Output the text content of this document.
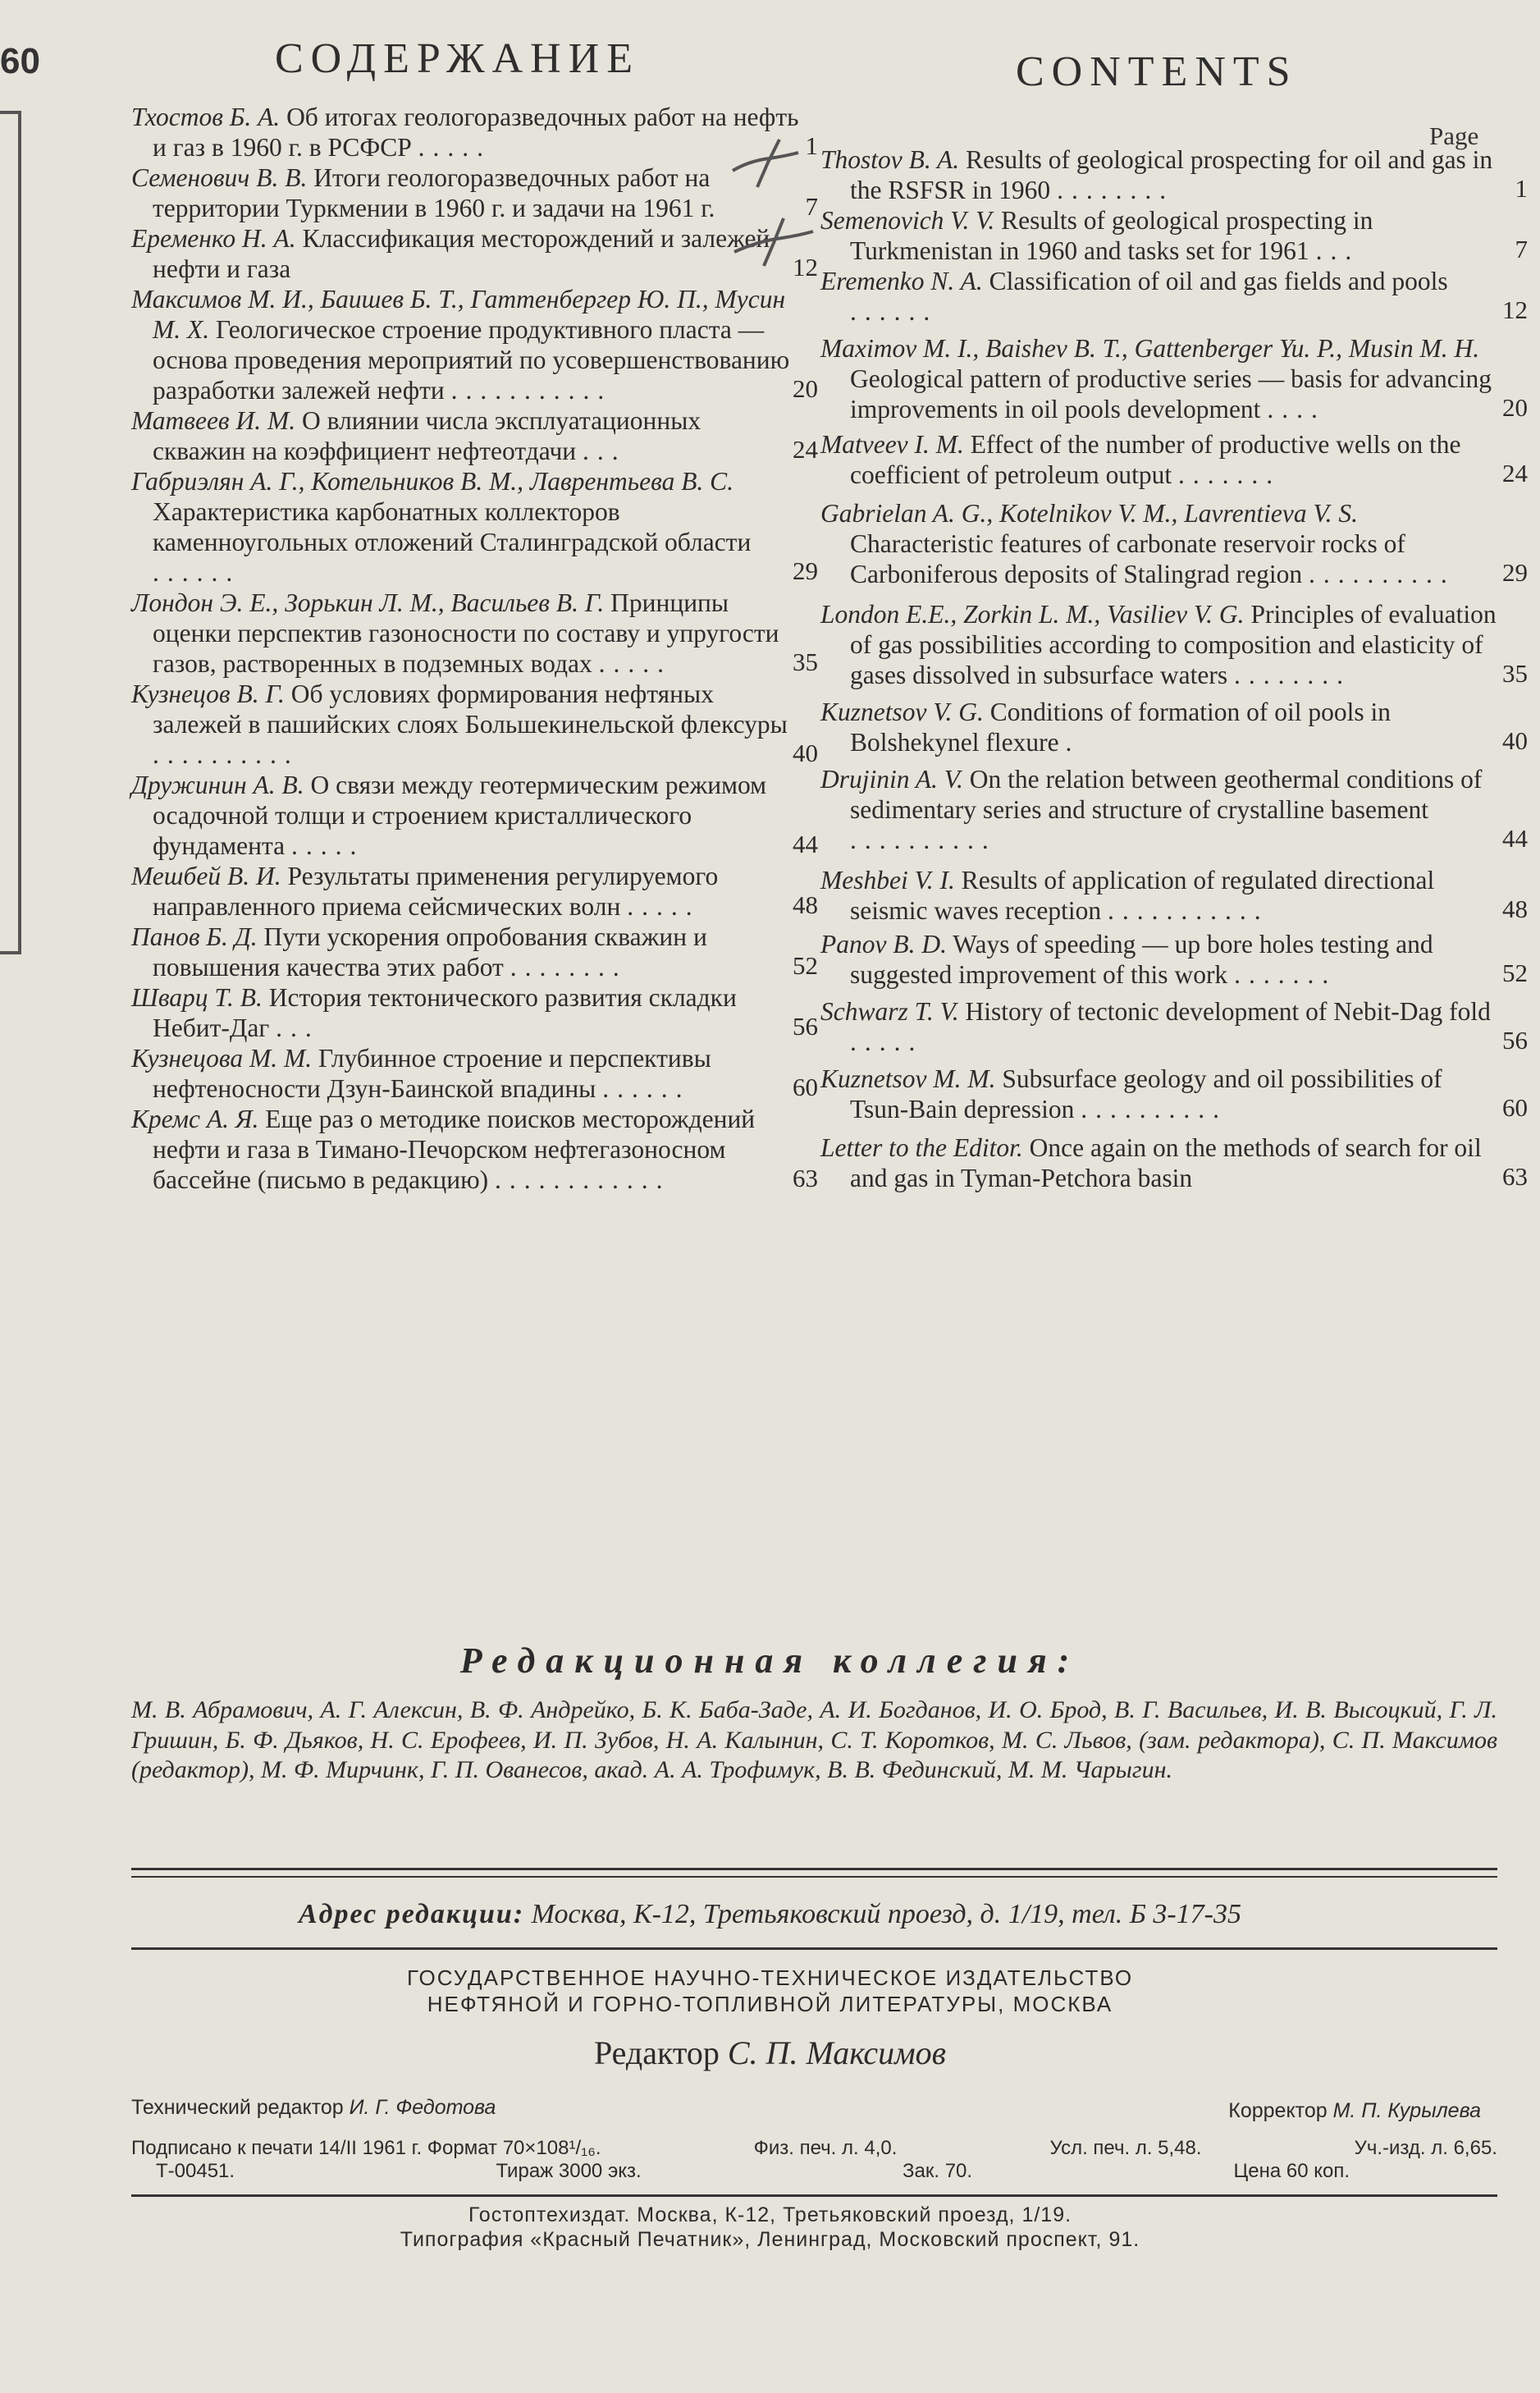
60	СОДЕРЖАНИЕ	CONTENTS
Page
Тхостов Б. А. Об итогах геологоразведочных работ на нефть и газ в 1960 г. в РСФСР .....	1
Семенович В. В. Итоги геологоразведочных работ на территории Туркмении в 1960 г. и задачи на 1961 г.	7
Еременко Н. А. Классификация месторождений и залежей нефти и газа	12
Максимов М. И., Баишев Б. Т., Гаттенбергер Ю. П., Мусин М. Х. Геологическое строение продуктивного пласта — основа проведения мероприятий по усовершенствованию разработки залежей нефти ...........	20
Матвеев И. М. О влиянии числа эксплуатационных скважин на коэффициент нефтеотдачи ...	24
Габриэлян А. Г., Котельников В. М., Лаврентьева В. С. Характеристика карбонатных коллекторов каменноугольных отложений Сталинградской области ......	29
Лондон Э. Е., Зорькин Л. М., Васильев В. Г. Принципы оценки перспектив газоносности по составу и упругости газов, растворенных в подземных водах .....	35
Кузнецов В. Г. Об условиях формирования нефтяных залежей в пашийских слоях Большекинельской флексуры ..........	40
Дружинин А. В. О связи между геотермическим режимом осадочной толщи и строением кристаллического фундамента .....	44
Мешбей В. И. Результаты применения регулируемого направленного приема сейсмических волн .....	48
Панов Б. Д. Пути ускорения опробования скважин и повышения качества этих работ ........	52
Шварц Т. В. История тектонического развития складки Небит-Даг ...	56
Кузнецова М. М. Глубинное строение и перспективы нефтеносности Дзун-Баинской впадины ......	60
Кремс А. Я. Еще раз о методике поисков месторождений нефти и газа в Тимано-Печорском нефтегазоносном бассейне (письмо в редакцию) ............	63
Thostov B. A. Results of geological prospecting for oil and gas in the RSFSR in 1960 ........	1
Semenovich V. V. Results of geological prospecting in Turkmenistan in 1960 and tasks set for 1961 ...	7
Eremenko N. A. Classification of oil and gas fields and pools ......	12
Maximov M. I., Baishev B. T., Gattenberger Yu. P., Musin M. H. Geological pattern of productive series — basis for advancing improvements in oil pools development ....	20
Matveev I. M. Effect of the number of productive wells on the coefficient of petroleum output .......	24
Gabrielan A. G., Kotelnikov V. M., Lavrentieva V. S. Characteristic features of carbonate reservoir rocks of Carboniferous deposits of Stalingrad region ..........	29
London E.E., Zorkin L. M., Vasiliev V. G. Principles of evaluation of gas possibilities according to composition and elasticity of gases dissolved in subsurface waters ........	35
Kuznetsov V. G. Conditions of formation of oil pools in Bolshekynel flexure .	40
Drujinin A. V. On the relation between geothermal conditions of sedimentary series and structure of crystalline basement ..........	44
Meshbei V. I. Results of application of regulated directional seismic waves reception ...........	48
Panov B. D. Ways of speeding — up bore holes testing and suggested improvement of this work .......	52
Schwarz T. V. History of tectonic development of Nebit-Dag fold .....	56
Kuznetsov M. M. Subsurface geology and oil possibilities of Tsun-Bain depression ..........	60
Letter to the Editor. Once again on the methods of search for oil and gas in Tyman-Petchora basin	63
Редакционная коллегия:
М. В. Абрамович, А. Г. Алексин, В. Ф. Андрейко, Б. К. Баба-Заде, А. И. Богданов, И. О. Брод, В. Г. Васильев, И. В. Высоцкий, Г. Л. Гришин, Б. Ф. Дьяков, Н. С. Ерофеев, И. П. Зубов, Н. А. Калынин, С. Т. Коротков, М. С. Львов, (зам. редактора), С. П. Максимов (редактор), М. Ф. Мирчинк, Г. П. Ованесов, акад. А. А. Трофимук, В. В. Фединский, М. М. Чарыгин.
Адрес редакции: Москва, К-12, Третьяковский проезд, д. 1/19, тел. Б 3-17-35
ГОСУДАРСТВЕННОЕ НАУЧНО-ТЕХНИЧЕСКОЕ ИЗДАТЕЛЬСТВО
НЕФТЯНОЙ И ГОРНО-ТОПЛИВНОЙ ЛИТЕРАТУРЫ, МОСКВА
Редактор С. П. Максимов
Технический редактор И. Г. Федотова	Корректор М. П. Курылева
Подписано к печати 14/II 1961 г. Формат 70×108¹/₁₆.	Физ. печ. л. 4,0.	Усл. печ. л. 5,48.	Уч.-изд. л. 6,65.
Т-00451.	Тираж 3000 экз.	Зак. 70.	Цена 60 коп.
Гостоптехиздат. Москва, К-12, Третьяковский проезд, 1/19.
Типография «Красный Печатник», Ленинград, Московский проспект, 91.
